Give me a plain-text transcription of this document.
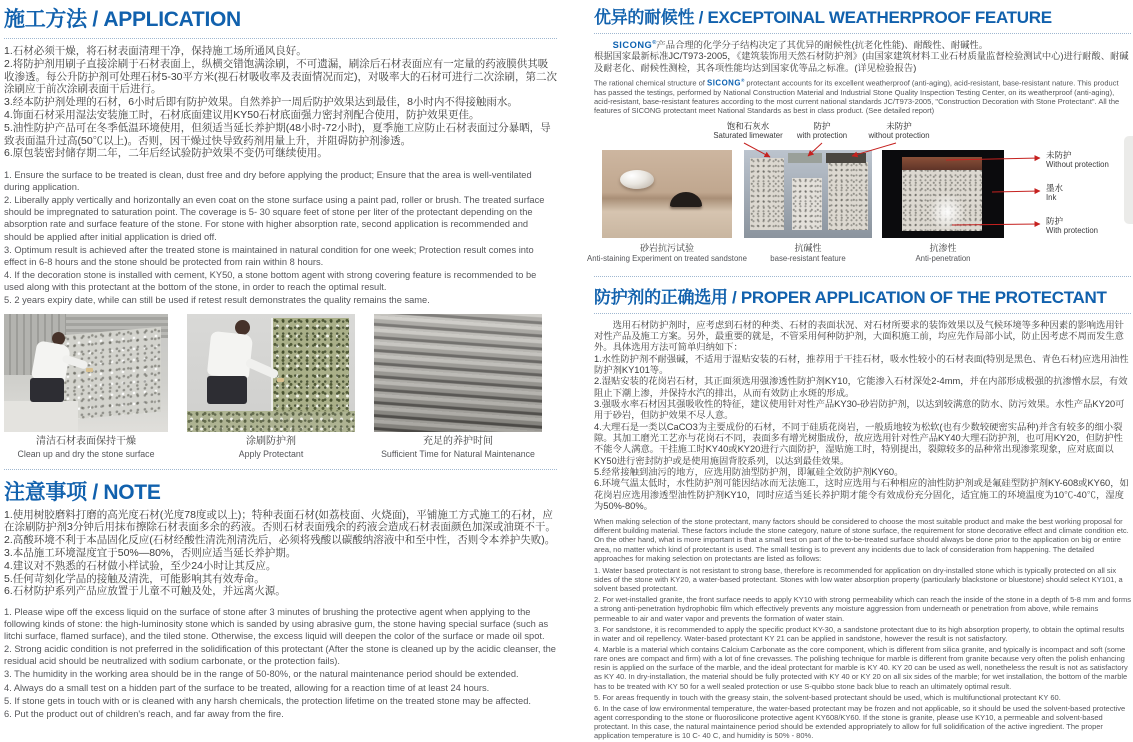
施工方法 / APPLICATION

1.石材必须干燥，将石材表面清理干净，保持施工场所通风良好。

2.将防护剂用刷子直接涂刷于石材表面上，纵横交错饱满涂刷，不可遗漏，刷涂后石材表面应有一定量的药液膜供其吸收渗透。每公升防护剂可处理石材5-30平方米(视石材吸收率及表面情况而定)，对吸率大的石材可进行二次涂刷，第二次涂刷应于前次涂刷表面干后进行。

3.经本防护剂处理的石材，6小时后即有防护效果。自然养护一周后防护效果达到最佳，8小时内不得接触雨水。

4.饰面石材采用湿法安装施工时，石材底面建议用KY50石材底面强力密封剂配合使用，防护效果更佳。

5.油性防护产品可在冬季低温环境使用，但须适当延长养护期(48小时-72小时)，夏季施工应防止石材表面过分暴晒，导致表面温升过高(50℃以上)。否则，因干燥过快导致药剂用量上升，并阻碍防护剂渗透。

6.原包装密封储存期二年，二年后经试验防护效果不变仍可继续使用。

1. Ensure the surface to be treated is clean, dust free and dry before applying the product; Ensure that the area is well-ventilated during application.

2. Liberally apply vertically and horizontally an even coat on the stone surface using a paint pad, roller or brush. The treated surface should be impregnated to saturation point. The coverage is 5- 30 square feet of stone per liter of the protectant depending on the absorption rate and surface feature of the stone. For stone with higher absorption rate, second application is recommended and should be applied after initial application is dried off.

3. Optimum result is achieved after the treated stone is maintained in natural condition for one week; Protection result comes into effect in 6-8 hours and the stone should be protected from rain within 8 hours.

4. If the decoration stone is installed with cement, KY50, a stone bottom agent with strong covering feature is recommended to be used along with this protectant at the bottom of the stone, in order to reach the optimal result.

5. 2 years expiry date, while can still be used if retest result demonstrates the quality remains the same.

清洁石材表面保持干燥
Clean up and dry the stone surface
涂刷防护剂
Apply Protectant
充足的养护时间
Sufficient Time for Natural Maintenance
注意事项 / NOTE

1.使用树胶磨料打磨的高光度石材(光度78度或以上)；特种表面石材(如荔枝面、火烧面)，平铺施工方式施工的石材，应在涂刷防护剂3分钟后用抹布擦除石材表面多余的药液。否则石材表面残余的药液会造成石材表面颜色加深或油斑不干。

2.高酸环境不利于本品固化反应(石材经酸性清洗剂清洗后，必须将残酸以碳酸纳溶液中和至中性，否则令本养护失败)。

3.本品施工环境湿度宜于50%—80%，否则应适当延长养护期。

4.建议对不熟悉的石材做小样试验，至少24小时让其反应。

5.任何苛刻化学品的接触及清洗，可能影响其有效寿命。

6.石材防护系列产品应放置于儿童不可触及处，并远离火源。

1. Please wipe off the excess liquid on the surface of stone after 3 minutes of brushing the protective agent when applying to the following kinds of stone: the high-luminosity stone which is sanded by using abrasive gum, the stone having special surface (such as litchi surface, flamed surface), and the tiled stone. Otherwise, the excess liquid will deepen the color of the surface or made oil spot.

2. Strong acidic condition is not preferred in the solidification of this protectant (After the stone is cleaned up by the acidic cleanser, the residual acid should be neutralized with sodium carbonate, or the protection fails).

3. The humidity in the working area should be in the range of 50-80%, or the natural maintenance period should be extended.

4. Always do a small test on a hidden part of the surface to be treated, allowing for a reaction time of at least 24 hours.

5. If stone gets in touch with or is cleaned with any harsh chemicals, the protection lifetime on the treated stone may be affected.

6. Put the product out of children's reach, and far away from the fire.

优异的耐候性 / EXCEPTOINAL WEATHERPROOF FEATURE

SICONG®产品合理的化学分子结构决定了其优异的耐候性(抗老化性能)、耐酸性、耐碱性。

根据国家最新标准JC/T973-2005，《建筑装饰用天然石材防护剂》(由国家建筑材料工业石材质量监督检验测试中心)进行耐酸、耐碱及耐老化、耐候性测检，其各项性能均达到国家优等品之标准。(详见检验报告)

The rational chemical structure of SICONG® protectant accounts for its excellent weatherproof (anti-aging), acid-resistant, base-resistant nature. This product has passed the testings, performed by National Construction Material and Industrial Stone Quality Inspection Testing Center, on its weatherproof (anti-aging), acid-resistant, base-resistant features according to the most current national standards JC/T973-2005, "Construction Decoration with Stone Protectant". All the features of SICONG protectant meet National Standards as best in class product. (See detailed report)

饱和石灰水
Saturated limewater
防护
with protection
未防护
without protection
未防护
Without protection
墨水
Ink
防护
With protection
砂岩抗污试验
Anti-staining Experiment on treated sandstone
抗碱性
base-resistant feature
抗渗性
Anti-penetration
防护剂的正确选用 / PROPER APPLICATION OF THE PROTECTANT

选用石材防护剂时，应考虑到石材的种类、石材的表面状况、对石材所要求的装饰效果以及气候环境等多种因素的影响选用针对性产品及施工方案。另外，最重要的就是，不管采用何种防护剂，大面积施工前，均应先作局部小试，防止因考虑不周而发生意外。具体选用方法可简单归纳如下：

1.水性防护剂不耐强碱，不适用于湿贴安装的石材，推荐用于干挂石材，吸水性较小的石材表面(特别是黑色、青色石材)应选用油性防护剂KY101等。

2.湿贴安装的花岗岩石材，其正面须选用强渗透性防护剂KY10，它能渗入石材深处2-4mm，并在内部形成极强的抗渗憎水层，有效阻止下潮上渗，并保持水汽的排出，从而有效防止水斑的形成。

3.强吸水率石材因其强吸收性的特征，建议使用针对性产品KY30-砂岩防护剂，以达到较满意的防水、防污效果。水性产品KY20可用于砂岩，但防护效果不尽人意。

4.大理石是一类以CaCO3为主要成份的石材，不同于硅质花岗岩，一般质地较为松软(也有少数较硬密实品种)并含有较多的细小裂隙。其加工磨光工艺亦与花岗石不同，表面多有增光树脂成份，故应选用针对性产品KY40大理石防护剂，也可用KY20，但防护性不能令人满意。干挂施工时KY40或KY20进行六面防护，湿贴施工时，特别提出，裂隙较多的品种常出现渗浆现象，应对底面以KY50进行密封防护或是使用施固背胶系列，以达到最佳效果。

5.经常接触到油污的地方，应选用防油型防护剂，即氟硅全效防护剂KY60。

6.环境气温太低时，水性防护剂可能因结冰而无法施工，这时应选用与石种相应的油性防护剂或是氟硅型防护剂KY-608或KY60，如花岗岩应选用渗透型油性防护剂KY10，同时应适当延长养护期才能令有效成份充分固化，适宜施工的环境温度为10℃-40℃，湿度为50%-80%。

When making selection of the stone protectant, many factors should be considered to choose the most suitable product and make the best working proposal for different building material. These factors include the stone category, nature of stone surface, the requirement for stone decorative effect and climate condition etc. On the other hand, what is more important is that a small test on part of the to-be-treated surface should always be done prior to the application on big or entire area, no matter which kind of protectant is used. The small testing is to prevent any incidents due to lack of consideration from happening. The detailed approaches for making selection on protectants are listed as follows:

1. Water based protectant is not resistant to strong base, therefore is recommended for application on dry-installed stone which is typically protected on all six sides of the stone with KY20, a water-based protectant. Stones with low water absorption property (particularly blackstone or bluestone) should select KY101, a solvent based protectant.

2. For wet-installed granite, the front surface needs to apply KY10 with strong permeability which can reach the inside of the stone in a depth of 5-8 mm and forms a strong anti-penetration hydrophobic film which effectively prevents any moisture aggression from underneath or penetration from above, while remains permeable to air and water vapor and prevents the formation of water stain.

3. For sandstone, it is recommended to apply the specific product KY-30, a sandstone protectant due to its high absorption property, to obtain the optimal results in water and oil repellency. Water-based protectant KY 21 can be applied in sandstone, however the result is not satisfactory.

4. Marble is a material which contains Calcium Carbonate as the core component, which is different from silica granite, and typically is incompact and soft (some rare ones are compact and firm) with a lot of fine crevasses. The polishing technique for marble is different from granite because very often the polish enhancing resin is applied on the surface of the marble, and the ideal protectant for marble is KY 40. KY 20 can be used as well, nonetheless the result is not as satisfactory as KY 40. In dry-installation, the material should be fully protected with KY 40 or KY 20 on all six sides of the marble; for wet installation, the bottom of the marble has to be treated with KY 50 for a well sealed protection or use S-quibbo stone back blue to reach an ultimately optimal result.

5. For areas frequently in touch with the greasy stain, the solvent-based protectant should be used, which is multifunctional protectant KY 60.

6. In the case of low environmental temperature, the water-based protectant may be frozen and not applicable, so it should be used the solvent-based protective agent corresponding to the stone or fluorosilicone protective agent KY608/KY60. If the stone is granite, please use KY10, a permeable and solvent-based protectant. In this case, the natural maintainence period should be extended appropriately to allow for full solidification of the active ingredient. The proper application temperature is 10 C- 40 C, and humidity is 50% - 80%.
